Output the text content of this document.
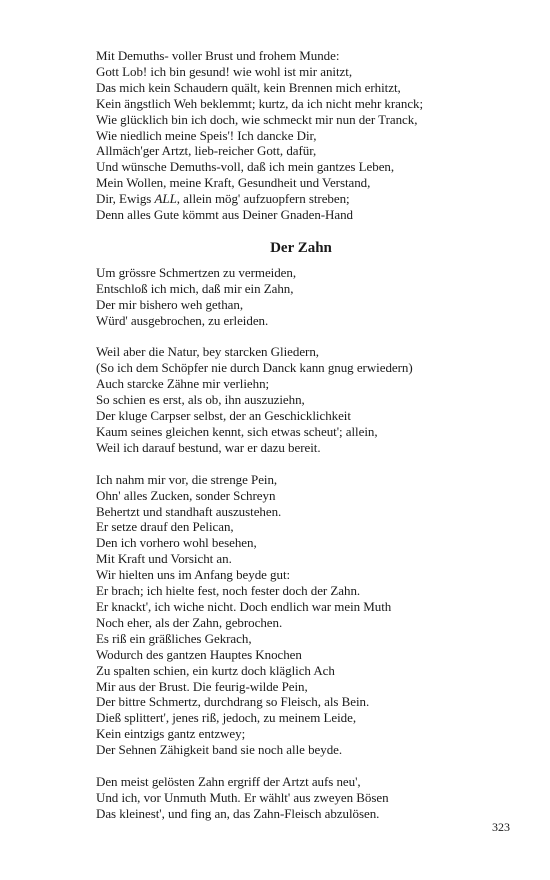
Mit Demuths- voller Brust und frohem Munde:
Gott Lob! ich bin gesund! wie wohl ist mir anitzt,
Das mich kein Schaudern quält, kein Brennen mich erhitzt,
Kein ängstlich Weh beklemmt; kurtz, da ich nicht mehr kranck;
Wie glücklich bin ich doch, wie schmeckt mir nun der Tranck,
Wie niedlich meine Speis'! Ich dancke Dir,
Allmäch'ger Artzt, lieb-reicher Gott, dafür,
Und wünsche Demuths-voll, daß ich mein gantzes Leben,
Mein Wollen, meine Kraft, Gesundheit und Verstand,
Dir, Ewigs ALL, allein mög' aufzuopfern streben;
Denn alles Gute kömmt aus Deiner Gnaden-Hand
Der Zahn
Um grössre Schmertzen zu vermeiden,
Entschloß ich mich, daß mir ein Zahn,
Der mir bishero weh gethan,
Würd' ausgebrochen, zu erleiden.
Weil aber die Natur, bey starcken Gliedern,
(So ich dem Schöpfer nie durch Danck kann gnug erwiedern)
Auch starcke Zähne mir verliehn;
So schien es erst, als ob, ihn auszuziehn,
Der kluge Carpser selbst, der an Geschicklichkeit
Kaum seines gleichen kennt, sich etwas scheut'; allein,
Weil ich darauf bestund, war er dazu bereit.
Ich nahm mir vor, die strenge Pein,
Ohn' alles Zucken, sonder Schreyn
Behertzt und standhaft auszustehen.
Er setze drauf den Pelican,
Den ich vorhero wohl besehen,
Mit Kraft und Vorsicht an.
Wir hielten uns im Anfang beyde gut:
Er brach; ich hielte fest, noch fester doch der Zahn.
Er knackt', ich wiche nicht. Doch endlich war mein Muth
Noch eher, als der Zahn, gebrochen.
Es riß ein gräßliches Gekrach,
Wodurch des gantzen Hauptes Knochen
Zu spalten schien, ein kurtz doch kläglich Ach
Mir aus der Brust. Die feurig-wilde Pein,
Der bittre Schmertz, durchdrang so Fleisch, als Bein.
Dieß splittert', jenes riß, jedoch, zu meinem Leide,
Kein eintzigs gantz entzwey;
Der Sehnen Zähigkeit band sie noch alle beyde.
Den meist gelösten Zahn ergriff der Artzt aufs neu',
Und ich, vor Unmuth Muth. Er wählt' aus zweyen Bösen
Das kleinest', und fing an, das Zahn-Fleisch abzulösen.
323
